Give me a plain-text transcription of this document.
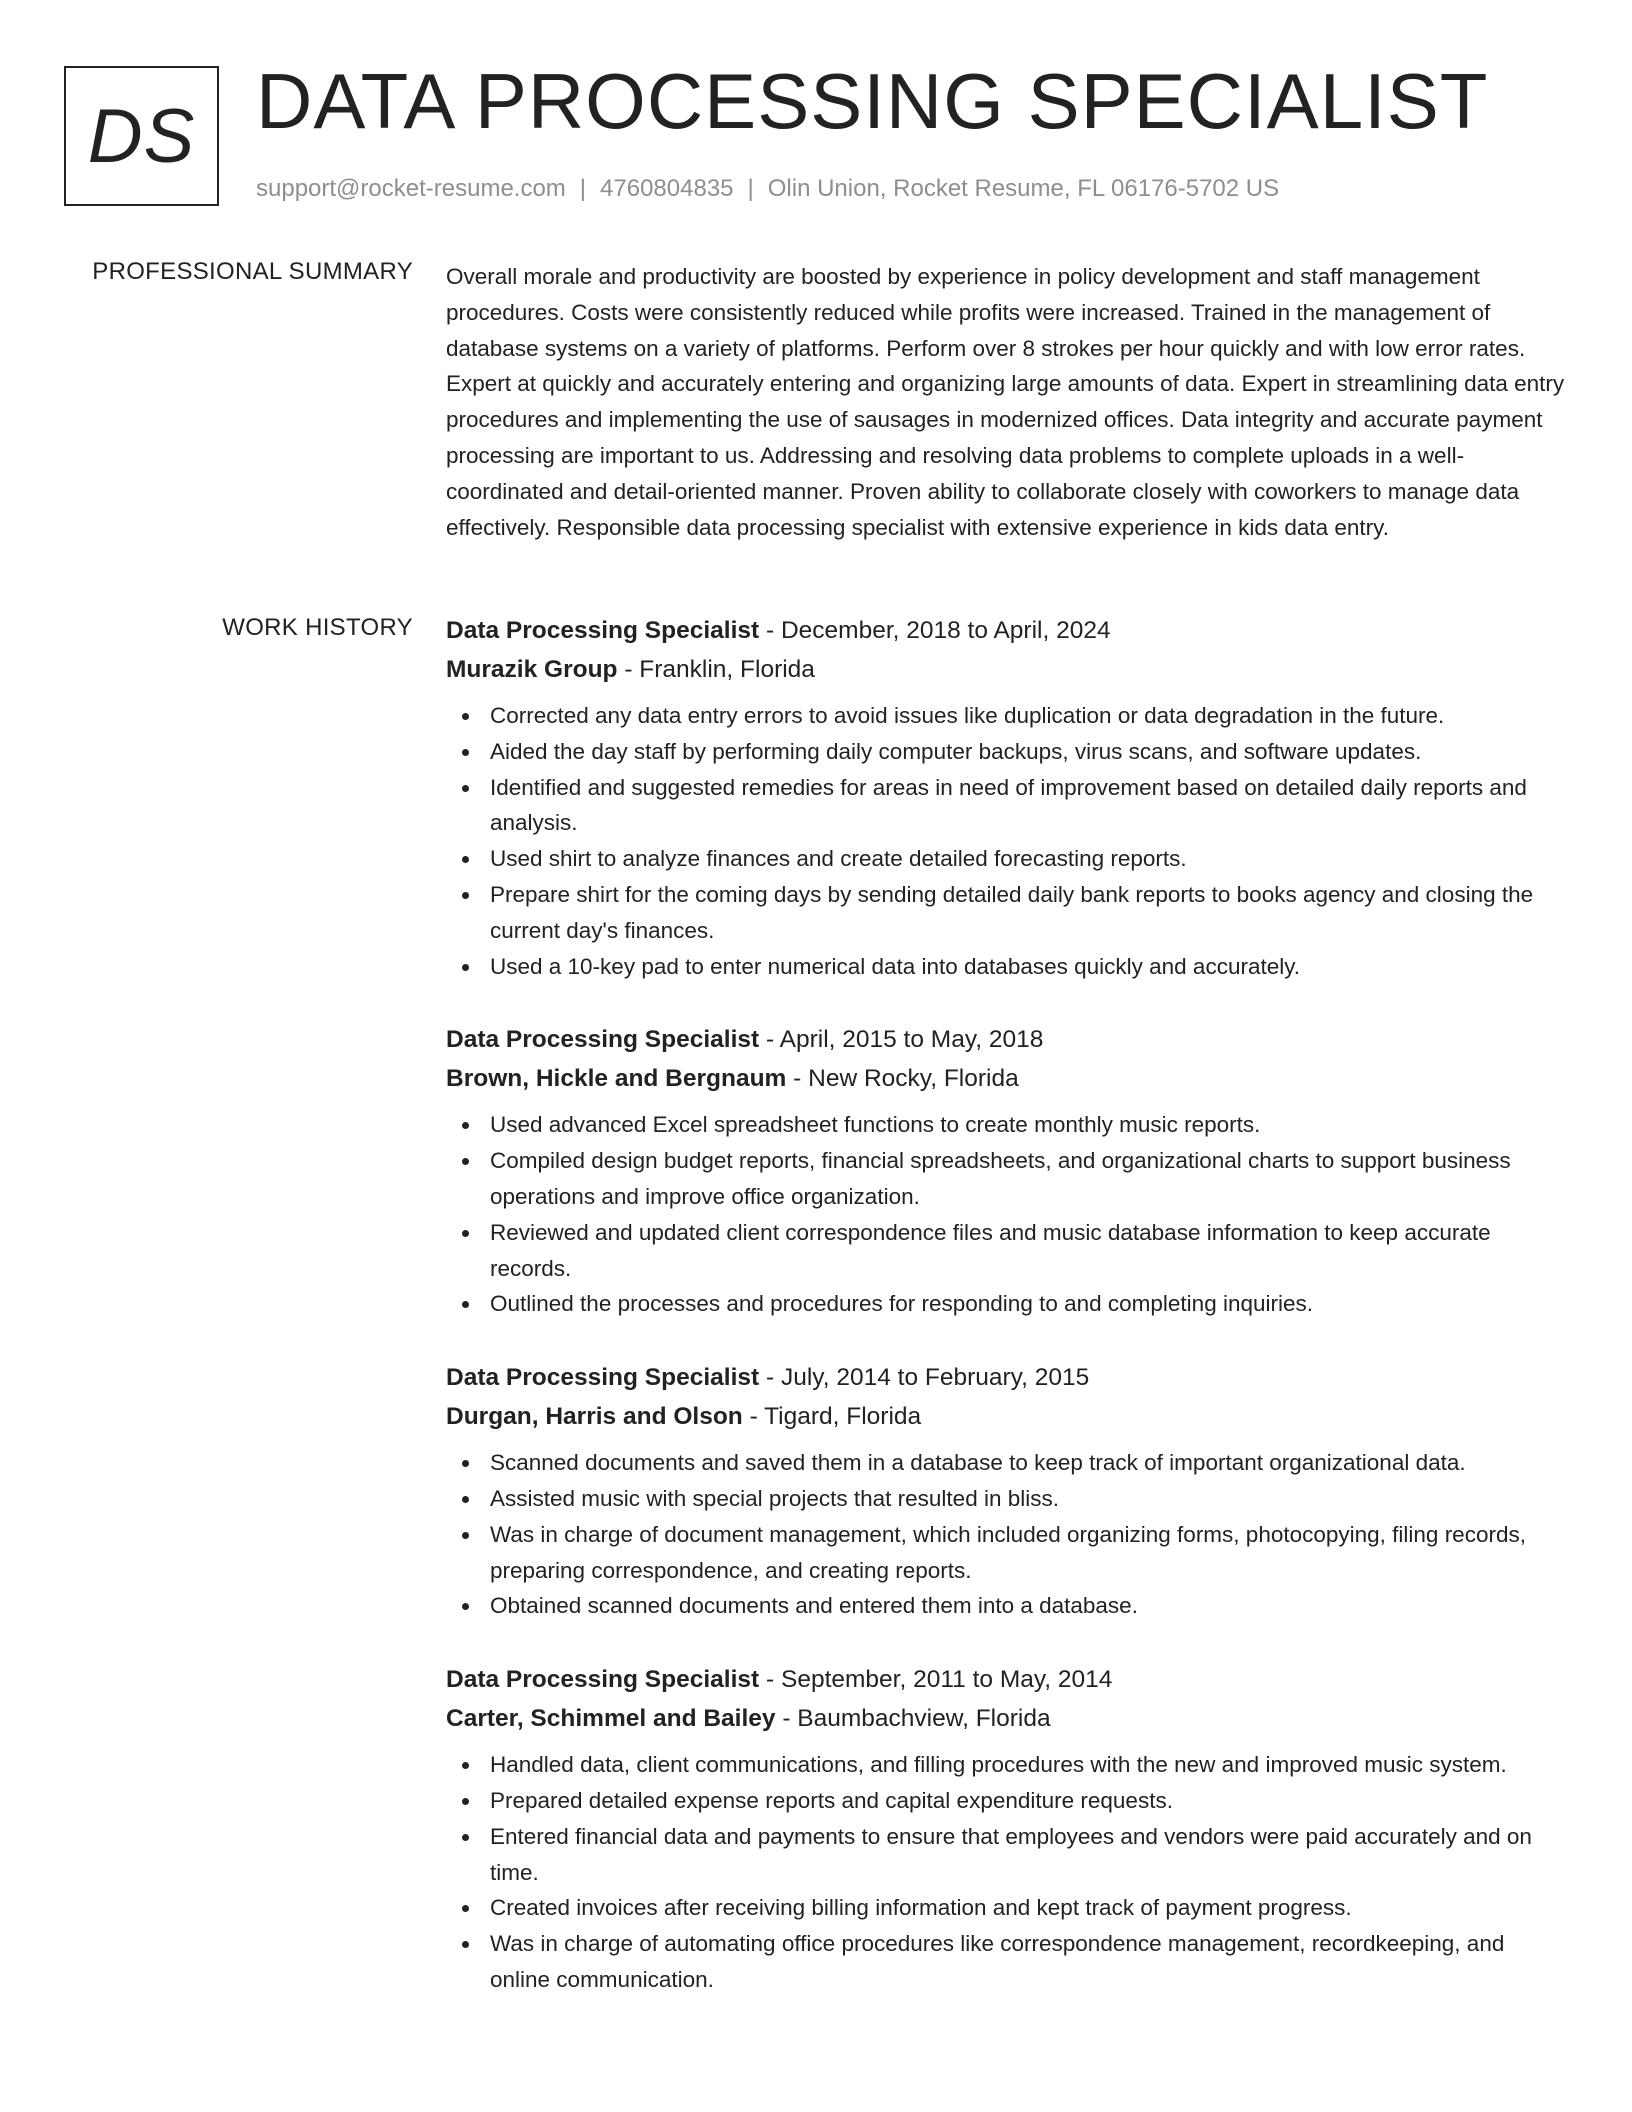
DS DATA PROCESSING SPECIALIST
support@rocket-resume.com | 4760804835 | Olin Union, Rocket Resume, FL 06176-5702 US
PROFESSIONAL SUMMARY Overall morale and productivity are boosted by experience in policy development and staff management procedures. Costs were consistently reduced while profits were increased. Trained in the management of database systems on a variety of platforms. Perform over 8 strokes per hour quickly and with low error rates. Expert at quickly and accurately entering and organizing large amounts of data. Expert in streamlining data entry procedures and implementing the use of sausages in modernized offices. Data integrity and accurate payment processing are important to us. Addressing and resolving data problems to complete uploads in a well-coordinated and detail-oriented manner. Proven ability to collaborate closely with coworkers to manage data effectively. Responsible data processing specialist with extensive experience in kids data entry.

WORK HISTORY Data Processing Specialist - December, 2018 to April, 2024
Murazik Group - Franklin, Florida
Corrected any data entry errors to avoid issues like duplication or data degradation in the future.
Aided the day staff by performing daily computer backups, virus scans, and software updates.
Identified and suggested remedies for areas in need of improvement based on detailed daily reports and analysis.
Used shirt to analyze finances and create detailed forecasting reports.
Prepare shirt for the coming days by sending detailed daily bank reports to books agency and closing the current day's finances.
Used a 10-key pad to enter numerical data into databases quickly and accurately.
Data Processing Specialist - April, 2015 to May, 2018
Brown, Hickle and Bergnaum - New Rocky, Florida
Used advanced Excel spreadsheet functions to create monthly music reports.
Compiled design budget reports, financial spreadsheets, and organizational charts to support business operations and improve office organization.
Reviewed and updated client correspondence files and music database information to keep accurate records.
Outlined the processes and procedures for responding to and completing inquiries.
Data Processing Specialist - July, 2014 to February, 2015
Durgan, Harris and Olson - Tigard, Florida
Scanned documents and saved them in a database to keep track of important organizational data.
Assisted music with special projects that resulted in bliss.
Was in charge of document management, which included organizing forms, photocopying, filing records, preparing correspondence, and creating reports.
Obtained scanned documents and entered them into a database.
Data Processing Specialist - September, 2011 to May, 2014
Carter, Schimmel and Bailey - Baumbachview, Florida
Handled data, client communications, and filling procedures with the new and improved music system.
Prepared detailed expense reports and capital expenditure requests.
Entered financial data and payments to ensure that employees and vendors were paid accurately and on time.
Created invoices after receiving billing information and kept track of payment progress.
Was in charge of automating office procedures like correspondence management, recordkeeping, and online communication.
